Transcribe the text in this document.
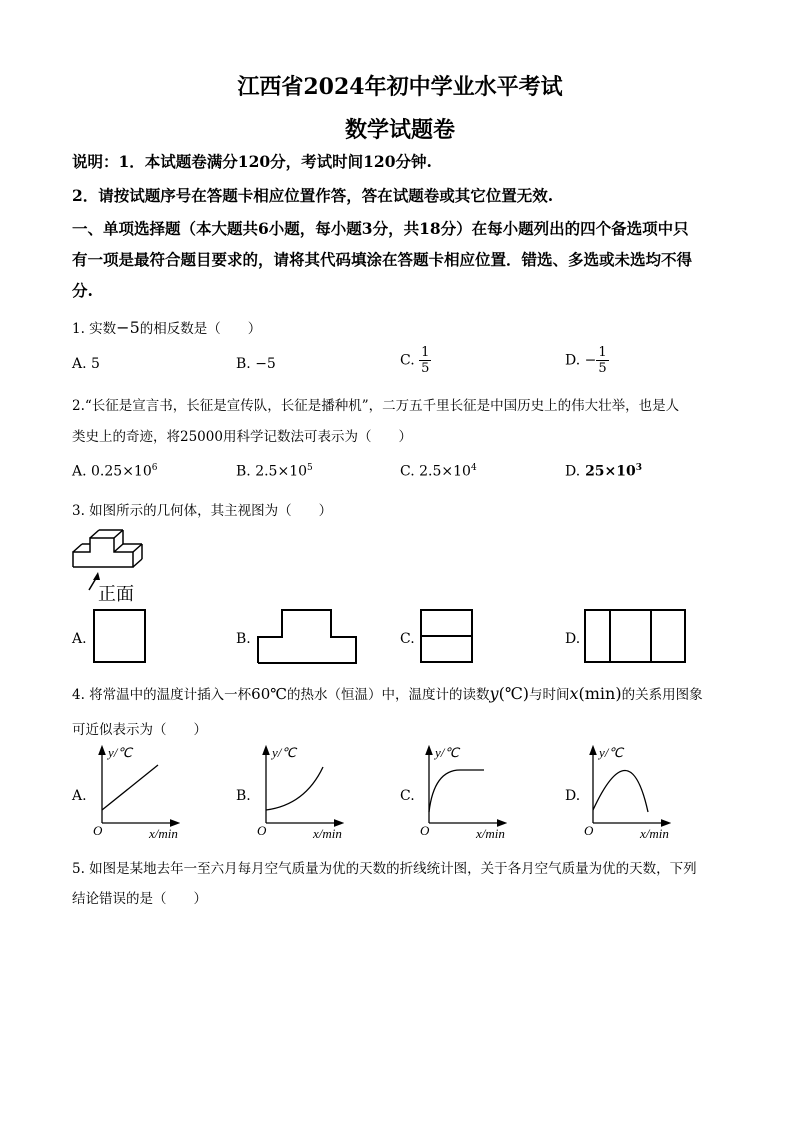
江西省2024年初中学业水平考试
数学试题卷
说明：1．本试题卷满分120分，考试时间120分钟.
2．请按试题序号在答题卡相应位置作答，答在试题卷或其它位置无效.
一、单项选择题（本大题共6小题，每小题3分，共18分）在每小题列出的四个备选项中只
有一项是最符合题目要求的，请将其代码填涂在答题卡相应位置．错选、多选或未选均不得
分.
1. 实数−5的相反数是（　　）
A. 5	B. −5	C. $\frac{1}{5}$	D. − $\frac{1}{5}$
2.“长征是宣言书，长征是宣传队，长征是播种机”，二万五千里长征是中国历史上的伟大壮举，也是人
类史上的奇迹，将25000用科学记数法可表示为（　　）
A. $0.25\times 10^6$	B. $2.5\times 10^5$	C. $2.5\times 10^4$	D. $25\times 10^3$
3. 如图所示的几何体，其主视图为（　　）
正面
A.	B.	C.	D.
4. 将常温中的温度计插入一杯60℃的热水（恒温）中，温度计的读数y(℃)与时间x(min)的关系用图象
可近似表示为（　　）
A.	B.	C.	D.
y/℃
x/min
O
y/℃
x/min
O
y/℃
x/min
O
y/℃
x/min
O
5. 如图是某地去年一至六月每月空气质量为优的天数的折线统计图，关于各月空气质量为优的天数，下列
结论错误的是（　　）
